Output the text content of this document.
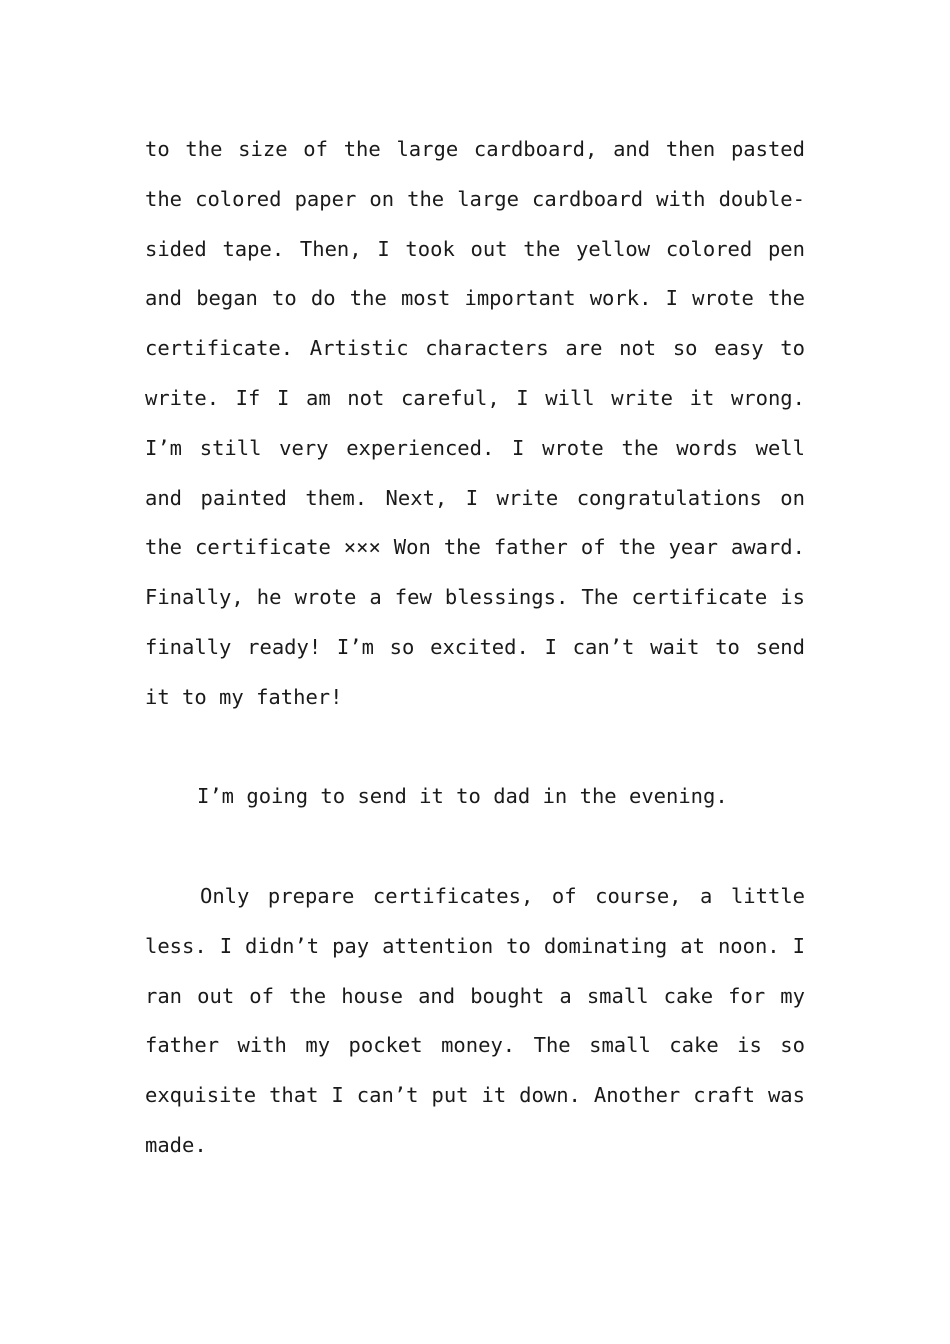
to the size of the large cardboard, and then pasted the colored paper on the large cardboard with double-sided tape. Then, I took out the yellow colored pen and began to do the most important work. I wrote the certificate. Artistic characters are not so easy to write. If I am not careful, I will write it wrong. I’m still very experienced. I wrote the words well and painted them. Next, I write congratulations on the certificate ××× Won the father of the year award. Finally, he wrote a few blessings. The certificate is finally ready! I’m so excited. I can’t wait to send it to my father!

I’m going to send it to dad in the evening.

Only prepare certificates, of course, a little less. I didn’t pay attention to dominating at noon. I ran out of the house and bought a small cake for my father with my pocket money. The small cake is so exquisite that I can’t put it down. Another craft was made.
